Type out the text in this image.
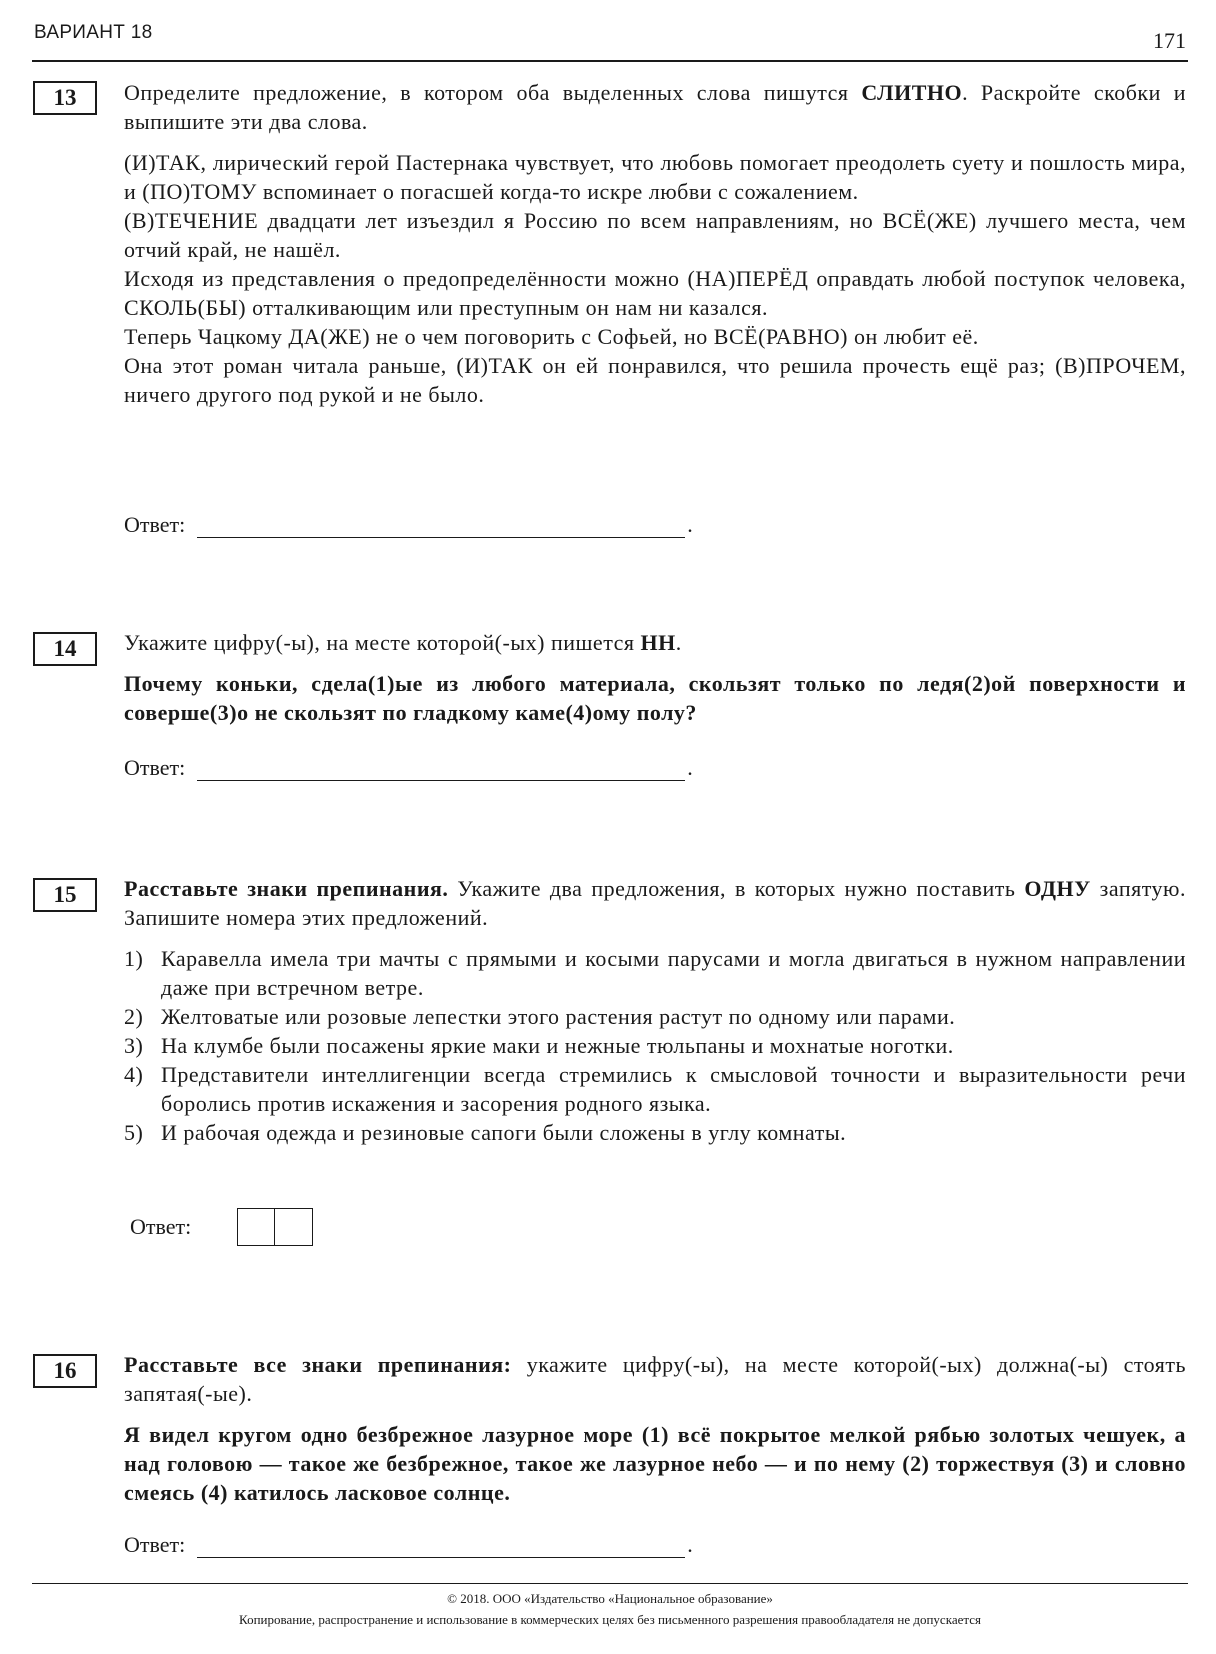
ВАРИАНТ 18	171
13	Определите предложение, в котором оба выделенных слова пишутся СЛИТНО. Раскройте скобки и выпишите эти два слова.

(И)ТАК, лирический герой Пастернака чувствует, что любовь помогает преодолеть суету и пошлость мира, и (ПО)ТОМУ вспоминает о погасшей когда-то искре любви с сожалением.

(В)ТЕЧЕНИЕ двадцати лет изъездил я Россию по всем направлениям, но ВСЁ(ЖЕ) лучшего места, чем отчий край, не нашёл.

Исходя из представления о предопределённости можно (НА)ПЕРЁД оправдать любой поступок человека, СКОЛЬ(БЫ) отталкивающим или преступным он нам ни казался.

Теперь Чацкому ДА(ЖЕ) не о чем поговорить с Софьей, но ВСЁ(РАВНО) он любит её.

Она этот роман читала раньше, (И)ТАК он ей понравился, что решила прочесть ещё раз; (В)ПРОЧЕМ, ничего другого под рукой и не было.

Ответ:	.
14	Укажите цифру(-ы), на месте которой(-ых) пишется НН.

Почему коньки, сдела(1)ые из любого материала, скользят только по ледя(2)ой поверхности и соверше(3)о не скользят по гладкому каме(4)ому полу?

Ответ:	.
15	Расставьте знаки препинания. Укажите два предложения, в которых нужно поставить ОДНУ запятую. Запишите номера этих предложений.

1) Каравелла имела три мачты с прямыми и косыми парусами и могла двигаться в нужном направлении даже при встречном ветре.
2) Желтоватые или розовые лепестки этого растения растут по одному или парами.
3) На клумбе были посажены яркие маки и нежные тюльпаны и мохнатые ноготки.
4) Представители интеллигенции всегда стремились к смысловой точности и выразительности речи боролись против искажения и засорения родного языка.
5) И рабочая одежда и резиновые сапоги были сложены в углу комнаты.
Ответ:
16	Расставьте все знаки препинания: укажите цифру(-ы), на месте которой(-ых) должна(-ы) стоять запятая(-ые).

Я видел кругом одно безбрежное лазурное море (1) всё покрытое мелкой рябью золотых чешуек, а над головою — такое же безбрежное, такое же лазурное небо — и по нему (2) торжествуя (3) и словно смеясь (4) катилось ласковое солнце.

Ответ:	.
© 2018. ООО «Издательство «Национальное образование»
Копирование, распространение и использование в коммерческих целях без письменного разрешения правообладателя не допускается
